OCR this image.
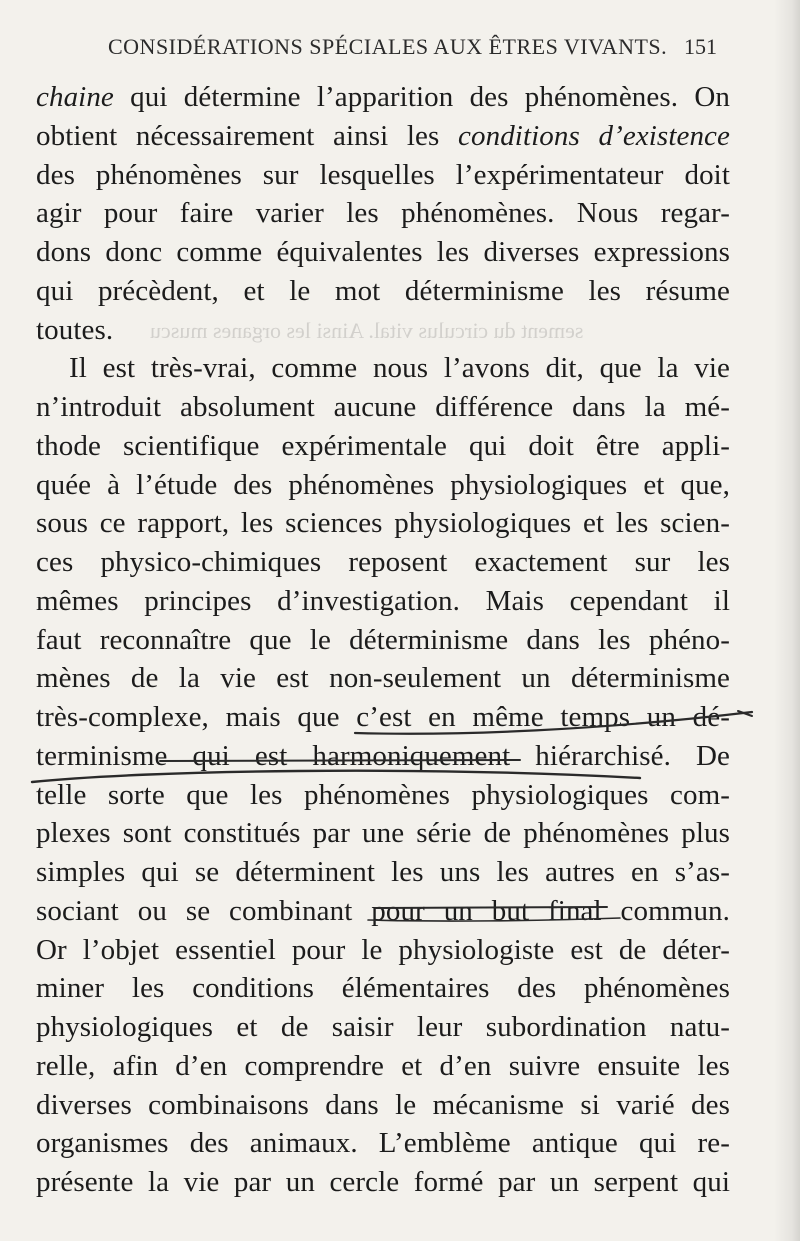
sement du circulus vital. Ainsi les organes muscu
CONSIDÉRATIONS SPÉCIALES AUX ÊTRES VIVANTS. 151
chaine qui détermine l’apparition des phénomènes. On
obtient nécessairement ainsi les conditions d’existence
des phénomènes sur lesquelles l’expérimentateur doit
agir pour faire varier les phénomènes. Nous regar-
dons donc comme équivalentes les diverses expressions
qui précèdent, et le mot déterminisme les résume
toutes.
Il est très-vrai, comme nous l’avons dit, que la vie
n’introduit absolument aucune différence dans la mé-
thode scientifique expérimentale qui doit être appli-
quée à l’étude des phénomènes physiologiques et que,
sous ce rapport, les sciences physiologiques et les scien-
ces physico-chimiques reposent exactement sur les
mêmes principes d’investigation. Mais cependant il
faut reconnaître que le déterminisme dans les phéno-
mènes de la vie est non-seulement un déterminisme
très-complexe, mais que c’est en même temps un dé-
terminisme qui est harmoniquement hiérarchisé. De
telle sorte que les phénomènes physiologiques com-
plexes sont constitués par une série de phénomènes plus
simples qui se déterminent les uns les autres en s’as-
sociant ou se combinant pour un but final commun.
Or l’objet essentiel pour le physiologiste est de déter-
miner les conditions élémentaires des phénomènes
physiologiques et de saisir leur subordination natu-
relle, afin d’en comprendre et d’en suivre ensuite les
diverses combinaisons dans le mécanisme si varié des
organismes des animaux. L’emblème antique qui re-
présente la vie par un cercle formé par un serpent qui
